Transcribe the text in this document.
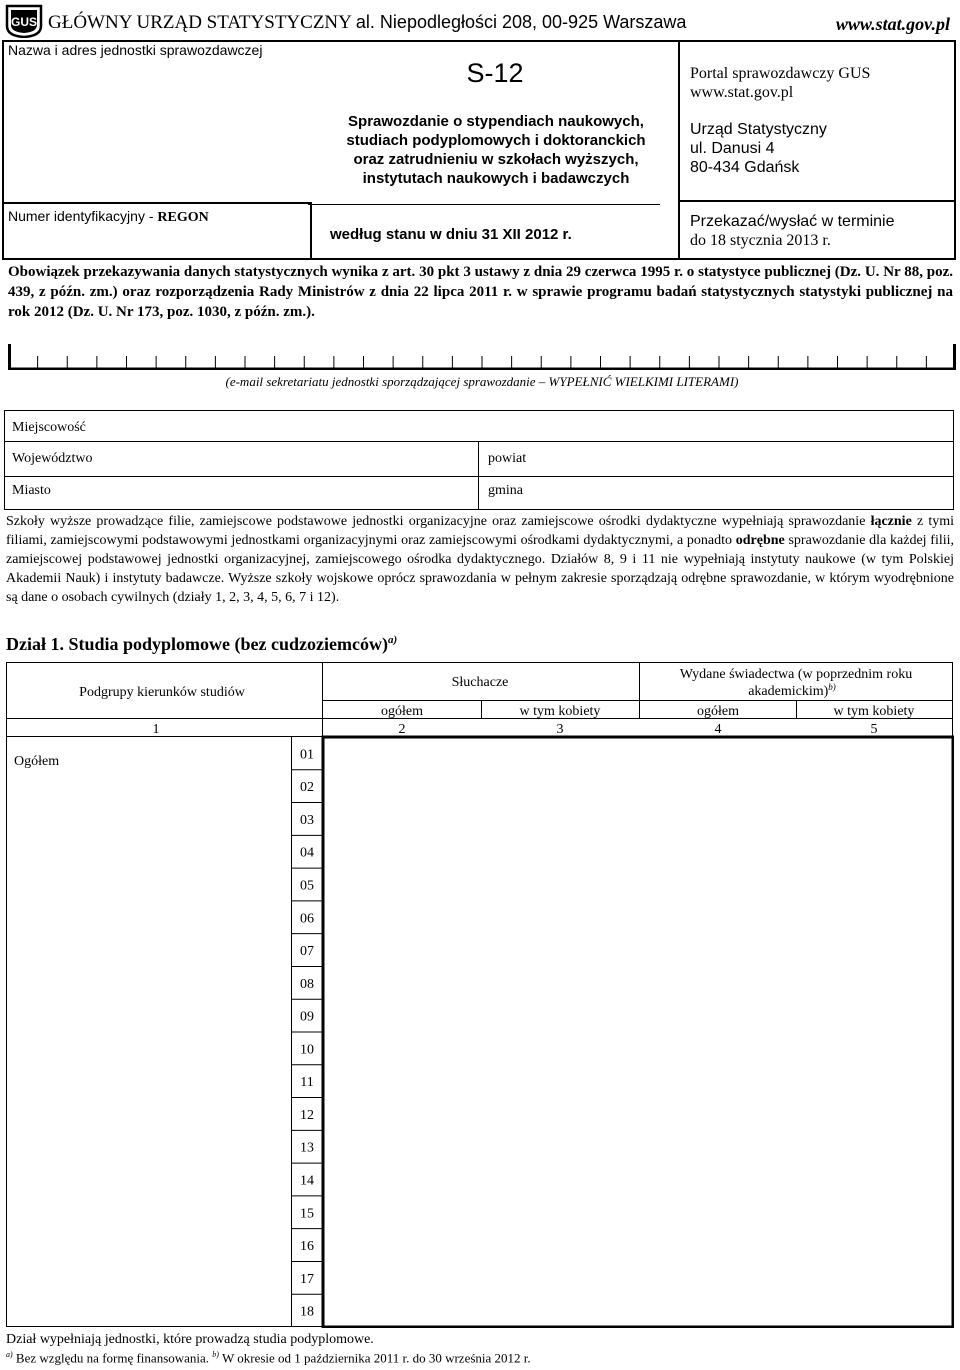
GUS GŁÓWNY URZĄD STATYSTYCZNY al. Niepodległości 208, 00-925 Warszawa	www.stat.gov.pl
Nazwa i adres jednostki sprawozdawczej
Numer identyfikacyjny - REGON
S-12
Sprawozdanie o stypendiach naukowych,
studiach podyplomowych i doktoranckich
oraz zatrudnieniu w szkołach wyższych,
instytutach naukowych i badawczych
według stanu w dniu 31 XII 2012 r.
Portal sprawozdawczy GUS
www.stat.gov.pl
Urząd Statystyczny
ul. Danusi 4
80-434 Gdańsk
Przekazać/wysłać w terminie
do 18 stycznia 2013 r.
Obowiązek przekazywania danych statystycznych wynika z art. 30 pkt 3 ustawy z dnia 29 czerwca 1995 r. o statystyce publicznej (Dz. U. Nr 88, poz. 439, z późn. zm.) oraz rozporządzenia Rady Ministrów z dnia 22 lipca 2011 r. w sprawie programu badań statystycznych statystyki publicznej na rok 2012 (Dz. U. Nr 173, poz. 1030, z późn. zm.).
(e-mail sekretariatu jednostki sporządzającej sprawozdanie – WYPEŁNIĆ WIELKIMI LITERAMI)
Miejscowość
Województwo	powiat
Miasto	gmina
Szkoły wyższe prowadzące filie, zamiejscowe podstawowe jednostki organizacyjne oraz zamiejscowe ośrodki dydaktyczne wypełniają sprawozdanie łącznie z tymi filiami, zamiejscowymi podstawowymi jednostkami organizacyjnymi oraz zamiejscowymi ośrodkami dydaktycznymi, a ponadto odrębne sprawozdanie dla każdej filii, zamiejscowej podstawowej jednostki organizacyjnej, zamiejscowego ośrodka dydaktycznego. Działów 8, 9 i 11 nie wypełniają instytuty naukowe (w tym Polskiej Akademii Nauk) i instytuty badawcze. Wyższe szkoły wojskowe oprócz sprawozdania w pełnym zakresie sporządzają odrębne sprawozdanie, w którym wyodrębnione są dane o osobach cywilnych (działy 1, 2, 3, 4, 5, 6, 7 i 12).
Dział 1. Studia podyplomowe (bez cudzoziemców)$^{a)}$
Podgrupy kierunków studiów
Słuchacze
Wydane świadectwa (w poprzednim roku
akademickim)$^{b)}$
ogółem	w tym kobiety	ogółem	w tym kobiety
1	2	3	4	5
Ogółem	01
02
03
04
05
06
07
08
09
10
11
12
13
14
15
16
17
18
Dział wypełniają jednostki, które prowadzą studia podyplomowe.
$^{a)}$ Bez względu na formę finansowania. $^{b)}$ W okresie od 1 października 2011 r. do 30 września 2012 r.
